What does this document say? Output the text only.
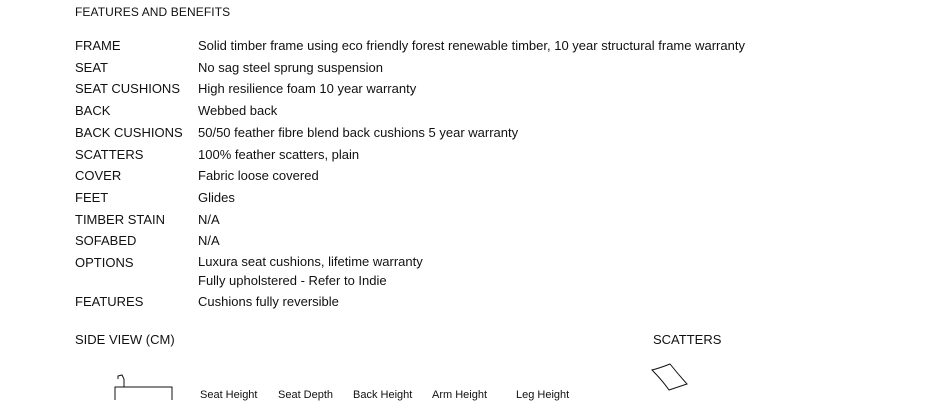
FEATURES AND BENEFITS
FRAME	Solid timber frame using eco friendly forest renewable timber, 10 year structural frame warranty
SEAT	No sag steel sprung suspension
SEAT CUSHIONS	High resilience foam 10 year warranty
BACK	Webbed back
BACK CUSHIONS	50/50 feather fibre blend back cushions 5 year warranty
SCATTERS	100% feather scatters, plain
COVER	Fabric loose covered
FEET	Glides
TIMBER STAIN	N/A
SOFABED	N/A
OPTIONS	Luxura seat cushions, lifetime warranty
Fully upholstered - Refer to Indie
FEATURES	Cushions fully reversible
SIDE VIEW (CM)	SCATTERS
Seat Height	Seat Depth	Back Height	Arm Height	Leg Height
